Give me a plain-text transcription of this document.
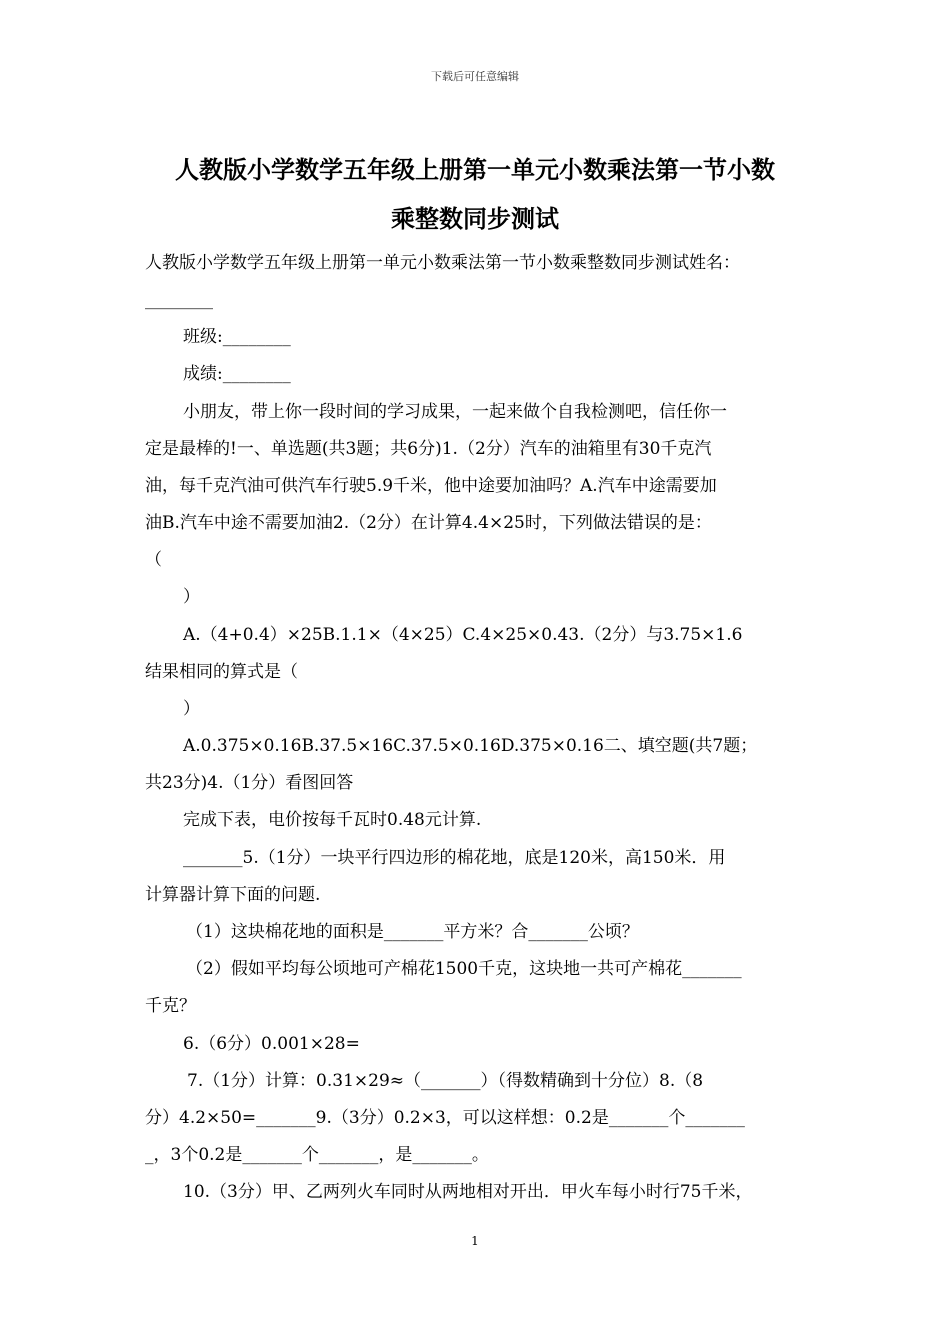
下载后可任意编辑
人教版小学数学五年级上册第一单元小数乘法第一节小数
乘整数同步测试
人教版小学数学五年级上册第一单元小数乘法第一节小数乘整数同步测试姓名：
________
班级:________
成绩:________
小朋友，带上你一段时间的学习成果，一起来做个自我检测吧，信任你一
定是最棒的!一、单选题(共3题；共6分)1.（2分）汽车的油箱里有30千克汽
油，每千克汽油可供汽车行驶5.9千米，他中途要加油吗？A.汽车中途需要加
油B.汽车中途不需要加油2.（2分）在计算4.4×25时，下列做法错误的是：
（
）
A.（4+0.4）×25B.1.1×（4×25）C.4×25×0.43.（2分）与3.75×1.6
结果相同的算式是（
）
A.0.375×0.16B.37.5×16C.37.5×0.16D.375×0.16二、填空题(共7题；
共23分)4.（1分）看图回答
完成下表，电价按每千瓦时0.48元计算.
_______5.（1分）一块平行四边形的棉花地，底是120米，高150米．用
计算器计算下面的问题.
（1）这块棉花地的面积是_______平方米？合_______公顷？
（2）假如平均每公顷地可产棉花1500千克，这块地一共可产棉花_______
千克？
6.（6分）0.001×28=
7.（1分）计算：0.31×29≈（_______）（得数精确到十分位）8.（8
分）4.2×50=_______9.（3分）0.2×3，可以这样想：0.2是_______个_______
_，3个0.2是_______个_______，是_______。
10.（3分）甲、乙两列火车同时从两地相对开出．甲火车每小时行75千米，
1
